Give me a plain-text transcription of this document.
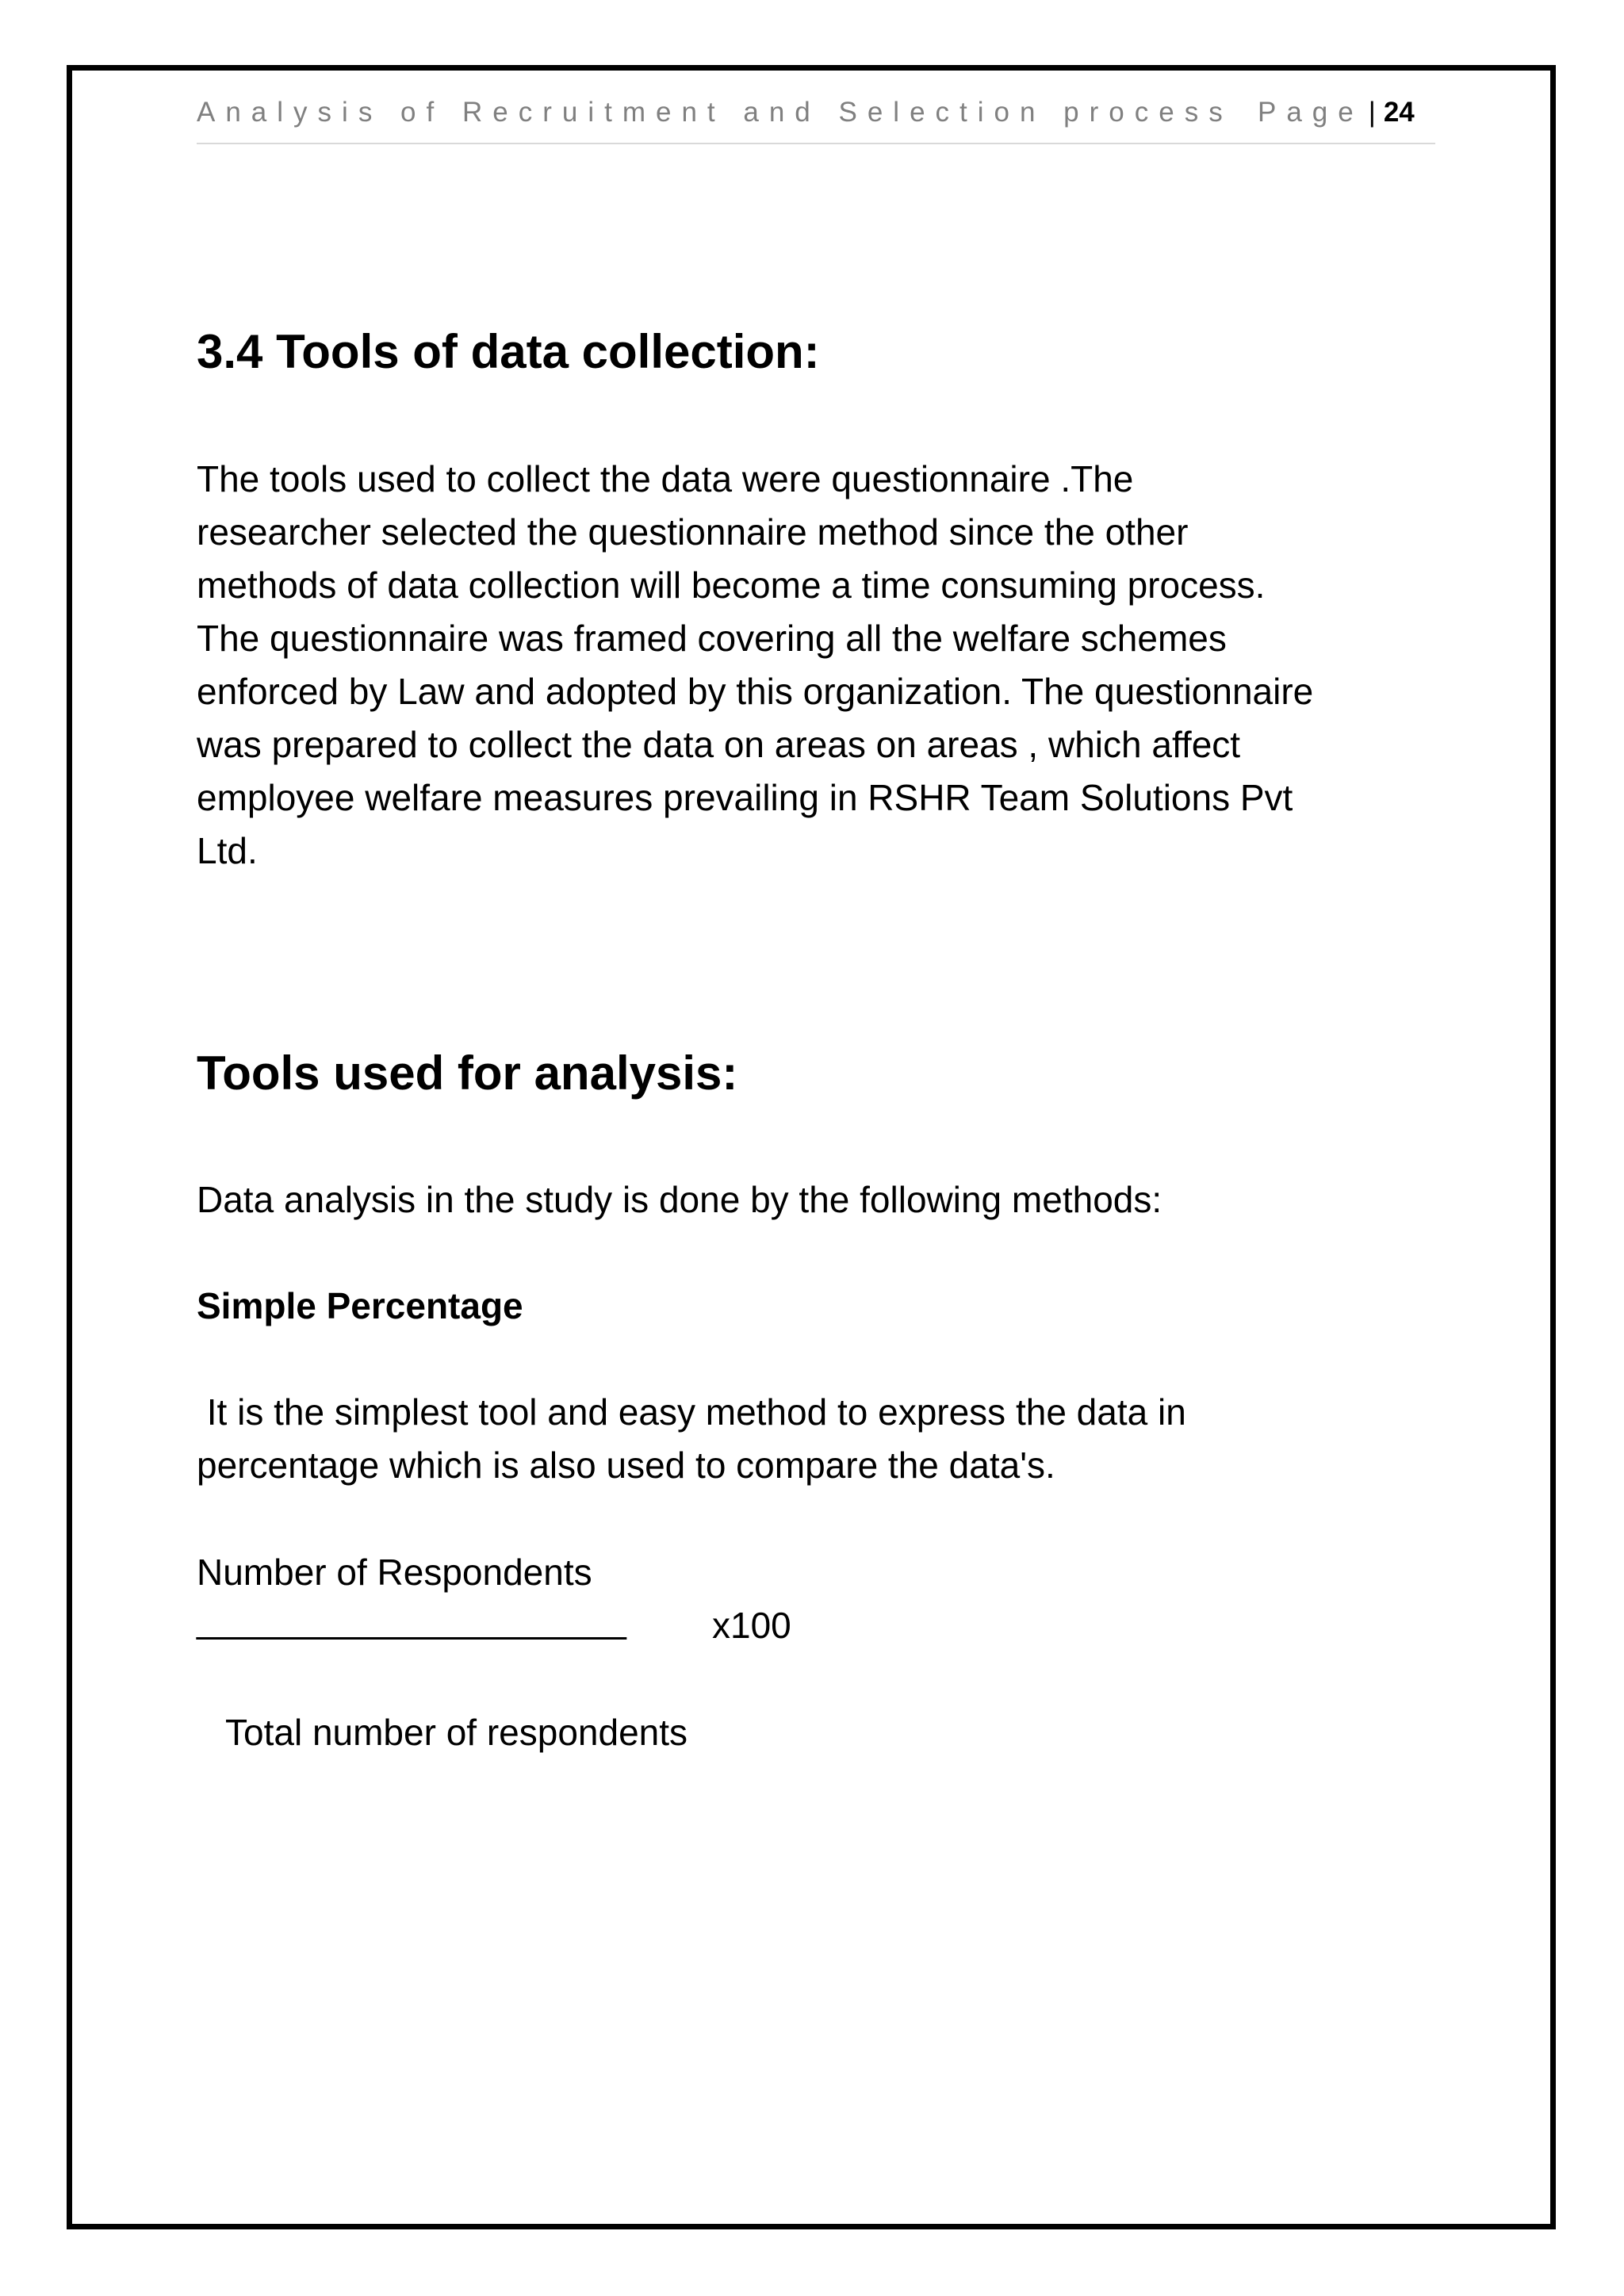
Analysis of Recruitment and Selection process Page | 24
3.4 Tools of data collection:
The tools used to collect the data were questionnaire .The
researcher selected the questionnaire method since the other
methods of data collection will become a time consuming process.
The questionnaire was framed covering all the welfare schemes
enforced by Law and adopted by this organization. The questionnaire
was prepared to collect the data on areas on areas , which affect
employee welfare measures prevailing in RSHR Team Solutions Pvt
Ltd.
Tools used for analysis:
Data analysis in the study is done by the following methods:
Simple Percentage
It is the simplest tool and easy method to express the data in
percentage which is also used to compare the data's.
Number of Respondents
______________________ x100
Total number of respondents
